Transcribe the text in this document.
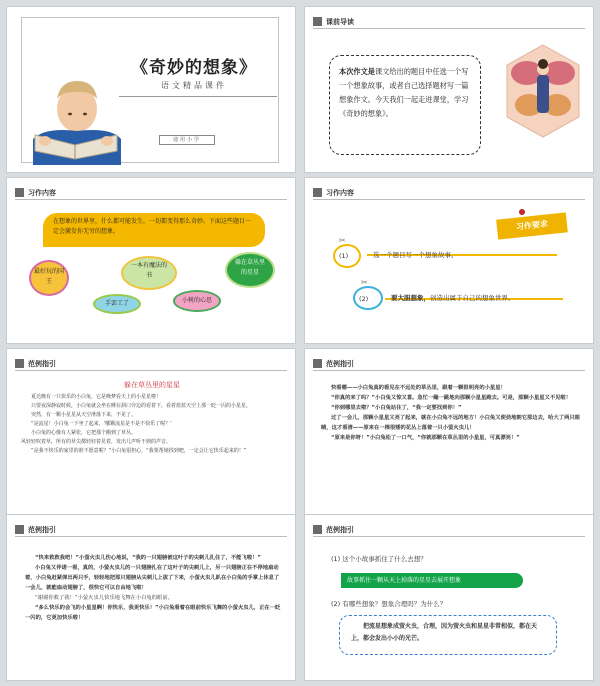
《奇妙的想象》
语文精品课件
通用小学
课前导读
本次作文是课文给出的题目中任选一个写一个想象故事，或者自己选择题材写一篇想象作文。今天我们一起走进课堂，学习《奇妙的想象》。
习作内容
在想象的世界里，什么都可能发生，一切都变得那么奇妙。下面这些题目一定会激发你无穷的想象。
最好玩的国王
一本有魔法的书
躲在草丛里的星星
手罢工了	小树的心思
习作内容
习作要求
✂
(1)	选一个题目写一个想象故事。
✂
(2)	要大胆想象，创造出属于自己的想象世界。
范例指引
躲在草丛里的星星
夏达晚有一只快乐的小白兔，它是晚梦看天上的小星星啦！
只要夜深静寂时候，小白兔就会坐在睡在洞口旁边的看着下，看着蓝蓝天空上那一眨一闪的小星星。
突然，有一颗小星星从天空滑落下来，不见了。
“是流星！小白兔一下坐了起来，‘哪颗流星是不是不快乐了呢？’
小白兔的心像有人紧张，它把那个搬到了草丛。
风轻轻吹着草，所有的草尖都轻轻着晃着，发出几声听不到的声音。
“是我不快乐的家里的谁不愿意呢？”小白兔很担心，“我要帮她找到吧，一定会让它快乐起来的！”
范例指引
快看哪——小白兔真的看见在不远处的草丛里，跟着一颗很明亮的小星星！
“你真的来了吗？”小白兔又惊又喜。急忙一蹦一跳地向那颗小星星跑去。可是，那颗小星星又不见啦！
“你到哪里去啦？”小白兔站住了，“我一定要找到你！”
过了一会儿，那颗小星星又亮了起来，就在小白兔不远的地方！小白兔又使劲地朝它那边去，哈大了两只眼睛，这才看清——原来在一棵很矮的花丛上落着一只小萤火虫儿！
“原来是你呀！”小白兔松了一口气，“你就那颗在草丛里的小星星，可真漂亮！”
范例指引
“快来救救我吧！”小萤火虫儿伤心地说，“我的一只翅膀被这叶子的尖刺儿扎住了，不能飞啦！”
小白兔又伴诺一看，真的，小萤火虫儿的一只翅膀扎在了这叶子的尖刺儿上，另一只翅膀正在不停地扇动着，小白兔赶紧弹出两只手，轻轻地把那只翅膀从尖刺儿上拔了下来，小萤火虫儿趴在小白兔的手掌上休息了一会儿，就能扇动翅膀了，很快它可以自由地飞啦！
“谢谢你救了我！”小萤火虫儿快乐地飞舞在小白兔的眼前。
“多么快乐的会飞的小星星啊！你快乐，我更快乐！”小白兔看着在眼前快乐飞舞的小萤火虫儿，正在一眨一闪的，它更加快乐啦！
范例指引
(1) 这个小故事抓住了什么去想？
故事抓住一颗从天上掉落的星星去展开想象
(2) 有哪些想象？想象合理吗？为什么？
把流星想象成萤火虫，合理，因为萤火虫和星星非常相似，都在天上，都会发出小小的光芒。
